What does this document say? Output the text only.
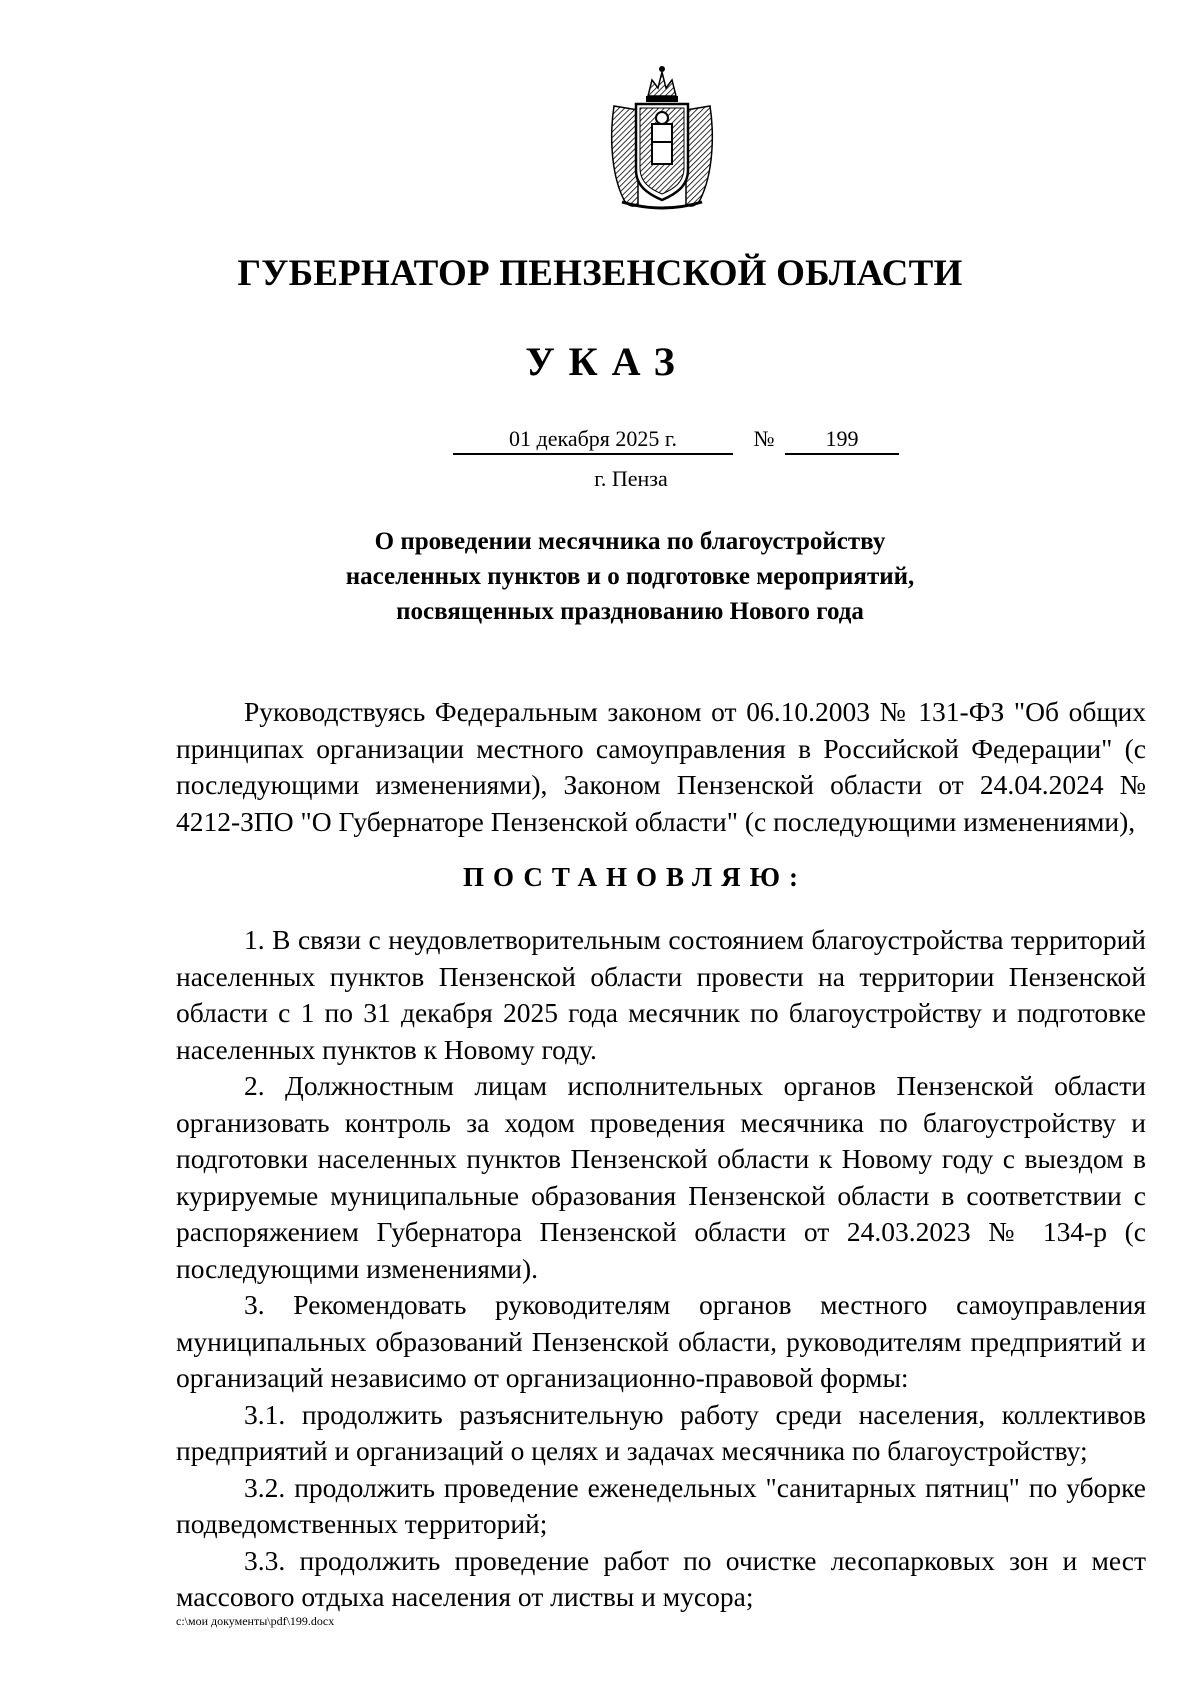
ГУБЕРНАТОР ПЕНЗЕНСКОЙ ОБЛАСТИ
УКАЗ
01 декабря 2025 г.	№	199
г. Пенза
О проведении месячника по благоустройству
населенных пунктов и о подготовке мероприятий,
посвященных празднованию Нового года

Руководствуясь Федеральным законом от 06.10.2003 № 131-ФЗ "Об общих принципах организации местного самоуправления в Российской Федерации" (с последующими изменениями), Законом Пензенской области от 24.04.2024 № 4212-ЗПО "О Губернаторе Пензенской области" (с последующими изменениями),

ПОСТАНОВЛЯЮ:

1. В связи с неудовлетворительным состоянием благоустройства территорий населенных пунктов Пензенской области провести на территории Пензенской области с 1 по 31 декабря 2025 года месячник по благоустройству и подготовке населенных пунктов к Новому году.

2. Должностным лицам исполнительных органов Пензенской области организовать контроль за ходом проведения месячника по благоустройству и подготовки населенных пунктов Пензенской области к Новому году с выездом в курируемые муниципальные образования Пензенской области в соответствии с распоряжением Губернатора Пензенской области от 24.03.2023 № 134-р (с последующими изменениями).

3. Рекомендовать руководителям органов местного самоуправления муниципальных образований Пензенской области, руководителям предприятий и организаций независимо от организационно-правовой формы:

3.1. продолжить разъяснительную работу среди населения, коллективов предприятий и организаций о целях и задачах месячника по благоустройству;

3.2. продолжить проведение еженедельных "санитарных пятниц" по уборке подведомственных территорий;

3.3. продолжить проведение работ по очистке лесопарковых зон и мест массового отдыха населения от листвы и мусора;

c:\мои документы\pdf\199.docx
